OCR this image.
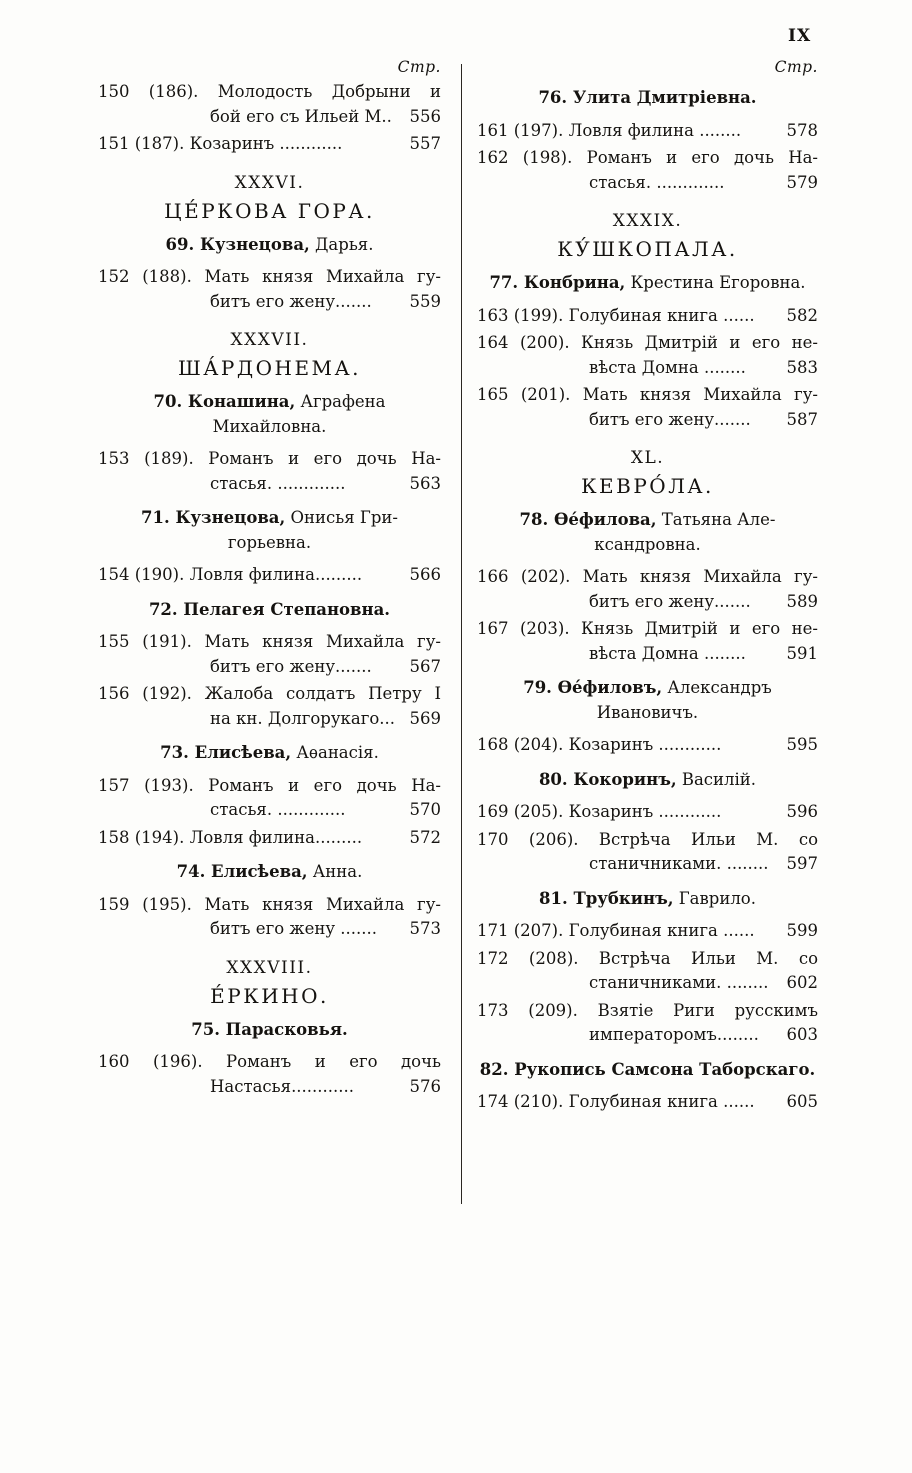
IX
Стр.
150 (186). Молодость Добрыни и
бой его съ Ильей М..	556
151 (187). Козаринъ ............	557
XXXVI.
ЦЕ́РКОВА ГОРА.
69. Кузнецова, Дарья.
152 (188). Мать князя Михайла гу-
битъ его жену.......	559
XXXVII.
ША́РДОНЕМА.
70. Конашина, Аграфена
Михайловна.
153 (189). Романъ и его дочь На-
стасья. .............	563
71. Кузнецова, Онисья Гри-
горьевна.
154 (190). Ловля филина.........	566
72. Пелагея Степановна.
155 (191). Мать князя Михайла гу-
битъ его жену.......	567
156 (192). Жалоба солдатъ Петру I
на кн. Долгорукаго... 569
73. Елисѣева, Аѳанасія.
157 (193). Романъ и его дочь На-
стасья. .............	570
158 (194). Ловля филина.........	572
74. Елисѣева, Анна.
159 (195). Мать князя Михайла гу-
битъ его жену .......	573
XXXVIII.
Е́РКИНО.
75. Парасковья.
160 (196). Романъ и его дочь
Настасья............	576
Стр.
76. Улита Дмитріевна.
161 (197). Ловля филина ........	578
162 (198). Романъ и его дочь На-
стасья. .............	579
XXXIX.
КУ́ШКОПАЛА.
77. Конбрина, Крестина Егоровна.
163 (199). Голубиная книга ......	582
164 (200). Князь Дмитрій и его не-
вѣста Домна ........	583
165 (201). Мать князя Михайла гу-
битъ его жену.......	587
XL.
КЕВРО́ЛА.
78. Ѳе́филова, Татьяна Але-
ксандровна.
166 (202). Мать князя Михайла гу-
битъ его жену.......	589
167 (203). Князь Дмитрій и его не-
вѣста Домна ........	591
79. Ѳе́филовъ, Александръ
Ивановичъ.
168 (204). Козаринъ ............	595
80. Кокоринъ, Василій.
169 (205). Козаринъ ............	596
170 (206). Встрѣча Ильи М. со
станичниками. ........	597
81. Трубкинъ, Гаврило.
171 (207). Голубиная книга ......	599
172 (208). Встрѣча Ильи М. со
станичниками. ........	602
173 (209). Взятіе Риги русскимъ
императоромъ........	603
82. Рукопись Самсона Таборскаго.
174 (210). Голубиная книга ......	605
